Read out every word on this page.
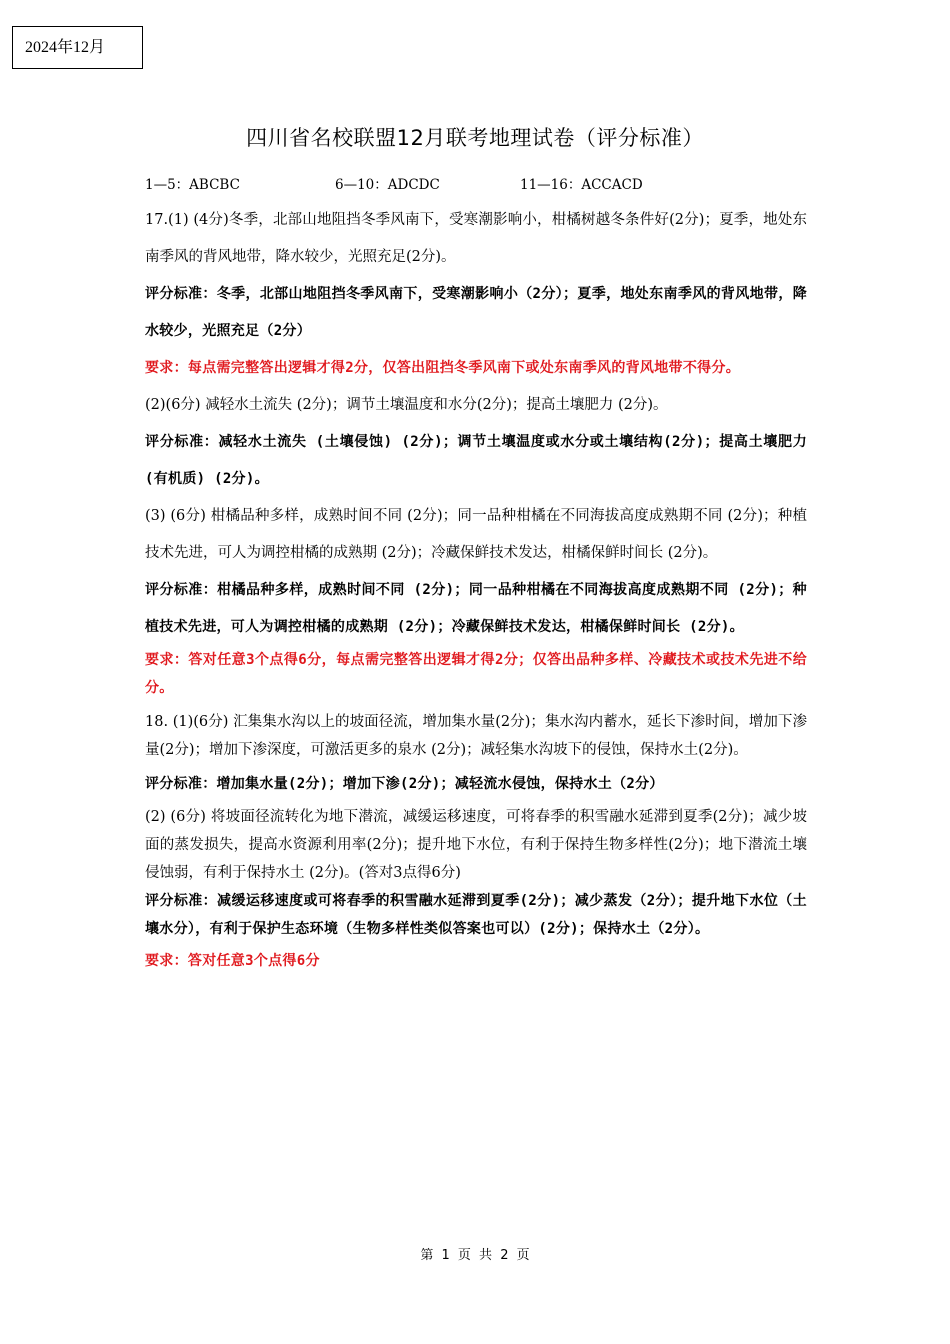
2024年12月
四川省名校联盟12月联考地理试卷（评分标准）
1—5：ABCBC	6—10：ADCDC	11—16：ACCACD

17.(1) (4分)冬季，北部山地阻挡冬季风南下，受寒潮影响小，柑橘树越冬条件好(2分)；夏季，地处东南季风的背风地带，降水较少，光照充足(2分)。

评分标准：冬季，北部山地阻挡冬季风南下，受寒潮影响小（2分）；夏季，地处东南季风的背风地带，降水较少，光照充足（2分）

要求：每点需完整答出逻辑才得2分，仅答出阻挡冬季风南下或处东南季风的背风地带不得分。

(2)(6分) 减轻水土流失 (2分)；调节土壤温度和水分(2分)；提高土壤肥力 (2分)。

评分标准：减轻水土流失 (土壤侵蚀) (2分)；调节土壤温度或水分或土壤结构(2分)；提高土壤肥力 (有机质) (2分)。

(3) (6分) 柑橘品种多样，成熟时间不同 (2分)；同一品种柑橘在不同海拔高度成熟期不同 (2分)；种植技术先进，可人为调控柑橘的成熟期 (2分)；冷藏保鲜技术发达，柑橘保鲜时间长 (2分)。

评分标准：柑橘品种多样，成熟时间不同 (2分)；同一品种柑橘在不同海拔高度成熟期不同 (2分)；种植技术先进，可人为调控柑橘的成熟期 (2分)；冷藏保鲜技术发达，柑橘保鲜时间长 (2分)。

要求：答对任意3个点得6分，每点需完整答出逻辑才得2分；仅答出品种多样、冷藏技术或技术先进不给分。

18. (1)(6分) 汇集集水沟以上的坡面径流，增加集水量(2分)；集水沟内蓄水，延长下渗时间，增加下渗量(2分)；增加下渗深度，可激活更多的泉水 (2分)；减轻集水沟坡下的侵蚀，保持水土(2分)。

评分标准：增加集水量(2分)；增加下渗(2分)；减轻流水侵蚀，保持水土（2分）

(2) (6分) 将坡面径流转化为地下潜流，减缓运移速度，可将春季的积雪融水延滞到夏季(2分)；减少坡面的蒸发损失，提高水资源利用率(2分)；提升地下水位，有利于保持生物多样性(2分)；地下潜流土壤侵蚀弱，有利于保持水土 (2分)。(答对3点得6分)

评分标准：减缓运移速度或可将春季的积雪融水延滞到夏季(2分)；减少蒸发（2分）；提升地下水位（土壤水分），有利于保护生态环境（生物多样性类似答案也可以）(2分)；保持水土（2分）。

要求：答对任意3个点得6分

第 1 页 共 2 页
